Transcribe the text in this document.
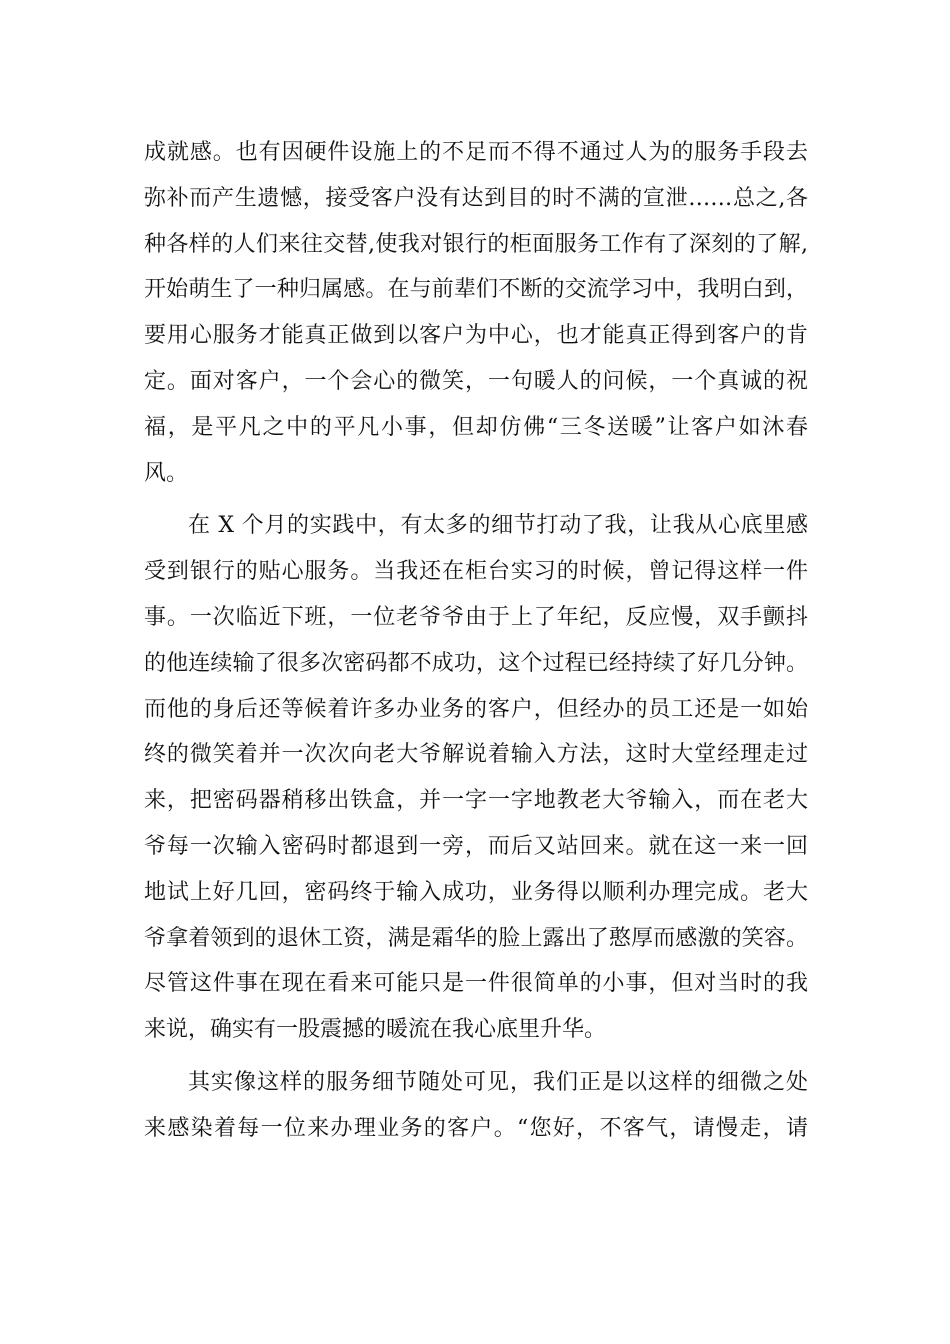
成就感。也有因硬件设施上的不足而不得不通过人为的服务手段去
弥补而产生遗憾，接受客户没有达到目的时不满的宣泄……总之,各
种各样的人们来往交替,使我对银行的柜面服务工作有了深刻的了解,
开始萌生了一种归属感。在与前辈们不断的交流学习中，我明白到，
要用心服务才能真正做到以客户为中心，也才能真正得到客户的肯
定。面对客户，一个会心的微笑，一句暖人的问候，一个真诚的祝
福，是平凡之中的平凡小事，但却仿佛“三冬送暖”让客户如沐春
风。
在 X 个月的实践中，有太多的细节打动了我，让我从心底里感
受到银行的贴心服务。当我还在柜台实习的时候，曾记得这样一件
事。一次临近下班，一位老爷爷由于上了年纪，反应慢，双手颤抖
的他连续输了很多次密码都不成功，这个过程已经持续了好几分钟。
而他的身后还等候着许多办业务的客户，但经办的员工还是一如始
终的微笑着并一次次向老大爷解说着输入方法，这时大堂经理走过
来，把密码器稍移出铁盒，并一字一字地教老大爷输入，而在老大
爷每一次输入密码时都退到一旁，而后又站回来。就在这一来一回
地试上好几回，密码终于输入成功，业务得以顺利办理完成。老大
爷拿着领到的退休工资，满是霜华的脸上露出了憨厚而感激的笑容。
尽管这件事在现在看来可能只是一件很简单的小事，但对当时的我
来说，确实有一股震撼的暖流在我心底里升华。
其实像这样的服务细节随处可见，我们正是以这样的细微之处
来感染着每一位来办理业务的客户。“您好，不客气，请慢走，请
